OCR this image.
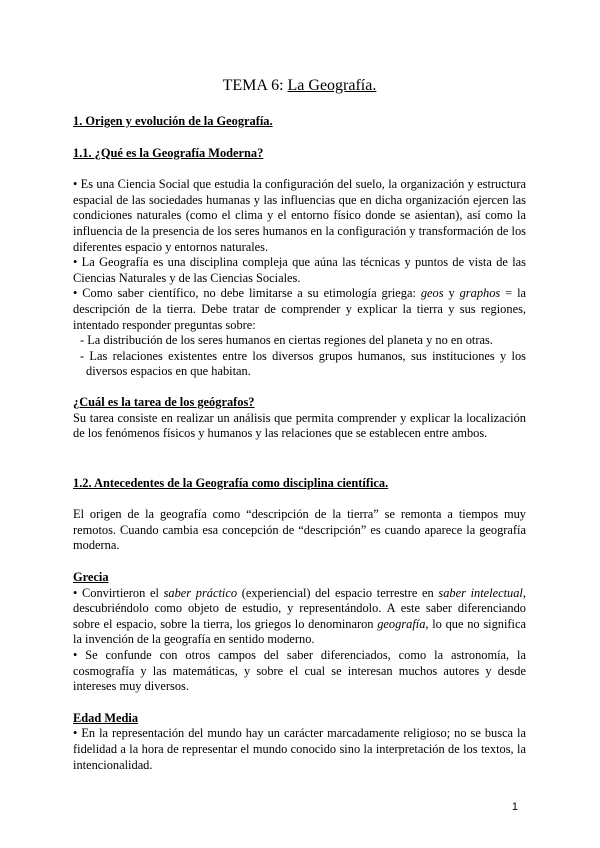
TEMA 6: La Geografía.

1. Origen y evolución de la Geografía.

1.1. ¿Qué es la Geografía Moderna?

• Es una Ciencia Social que estudia la configuración del suelo, la organización y estructura espacial de las sociedades humanas y las influencias que en dicha organización ejercen las condiciones naturales (como el clima y el entorno físico donde se asientan), así como la influencia de la presencia de los seres humanos en la configuración y transformación de los diferentes espacio y entornos naturales.

• La Geografía es una disciplina compleja que aúna las técnicas y puntos de vista de las Ciencias Naturales y de las Ciencias Sociales.

• Como saber científico, no debe limitarse a su etimología griega: geos y graphos = la descripción de la tierra. Debe tratar de comprender y explicar la tierra y sus regiones, intentado responder preguntas sobre:

- La distribución de los seres humanos en ciertas regiones del planeta y no en otras.

- Las relaciones existentes entre los diversos grupos humanos, sus instituciones y los diversos espacios en que habitan.

¿Cuál es la tarea de los geógrafos?

Su tarea consiste en realizar un análisis que permita comprender y explicar la localización de los fenómenos físicos y humanos y las relaciones que se establecen entre ambos.

1.2. Antecedentes de la Geografía como disciplina científica.

El origen de la geografía como “descripción de la tierra” se remonta a tiempos muy remotos. Cuando cambia esa concepción de “descripción” es cuando aparece la geografía moderna.

Grecia

• Convirtieron el saber práctico (experiencial) del espacio terrestre en saber intelectual, descubriéndolo como objeto de estudio, y representándolo. A este saber diferenciando sobre el espacio, sobre la tierra, los griegos lo denominaron geografía, lo que no significa la invención de la geografía en sentido moderno.

• Se confunde con otros campos del saber diferenciados, como la astronomía, la cosmografía y las matemáticas, y sobre el cual se interesan muchos autores y desde intereses muy diversos.

Edad Media

• En la representación del mundo hay un carácter marcadamente religioso; no se busca la fidelidad a la hora de representar el mundo conocido sino la interpretación de los textos, la intencionalidad.

1
